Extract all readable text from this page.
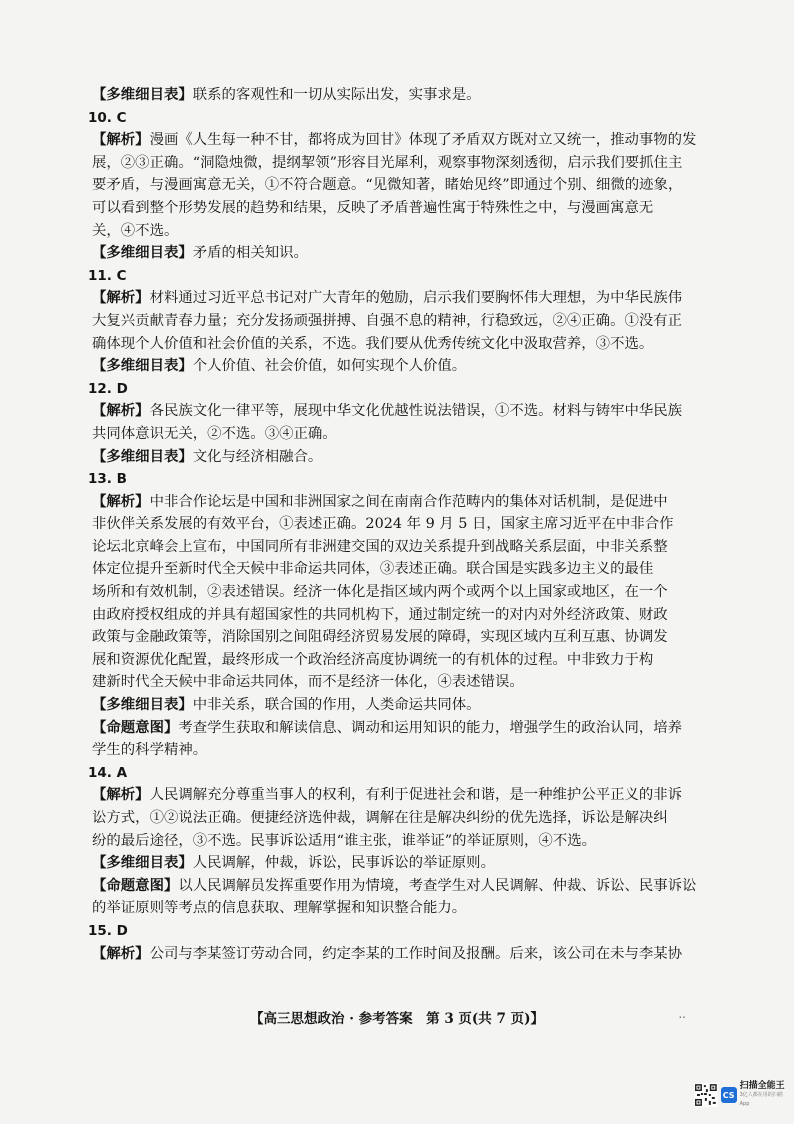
【多维细目表】联系的客观性和一切从实际出发，实事求是。
10. C
【解析】漫画《人生每一种不甘，都将成为回甘》体现了矛盾双方既对立又统一，推动事物的发
展，②③正确。“洞隐烛微，提纲挈领”形容目光犀利，观察事物深刻透彻，启示我们要抓住主
要矛盾，与漫画寓意无关，①不符合题意。“见微知著，睹始见终”即通过个别、细微的迹象，
可以看到整个形势发展的趋势和结果，反映了矛盾普遍性寓于特殊性之中，与漫画寓意无
关，④不选。
【多维细目表】矛盾的相关知识。
11. C
【解析】材料通过习近平总书记对广大青年的勉励，启示我们要胸怀伟大理想，为中华民族伟
大复兴贡献青春力量；充分发扬顽强拼搏、自强不息的精神，行稳致远，②④正确。①没有正
确体现个人价值和社会价值的关系，不选。我们要从优秀传统文化中汲取营养，③不选。
【多维细目表】个人价值、社会价值，如何实现个人价值。
12. D
【解析】各民族文化一律平等，展现中华文化优越性说法错误，①不选。材料与铸牢中华民族
共同体意识无关，②不选。③④正确。
【多维细目表】文化与经济相融合。
13. B
【解析】中非合作论坛是中国和非洲国家之间在南南合作范畴内的集体对话机制，是促进中
非伙伴关系发展的有效平台，①表述正确。2024 年 9 月 5 日，国家主席习近平在中非合作
论坛北京峰会上宣布，中国同所有非洲建交国的双边关系提升到战略关系层面，中非关系整
体定位提升至新时代全天候中非命运共同体，③表述正确。联合国是实践多边主义的最佳
场所和有效机制，②表述错误。经济一体化是指区域内两个或两个以上国家或地区，在一个
由政府授权组成的并具有超国家性的共同机构下，通过制定统一的对内对外经济政策、财政
政策与金融政策等，消除国别之间阻碍经济贸易发展的障碍，实现区域内互利互惠、协调发
展和资源优化配置，最终形成一个政治经济高度协调统一的有机体的过程。中非致力于构
建新时代全天候中非命运共同体，而不是经济一体化，④表述错误。
【多维细目表】中非关系，联合国的作用，人类命运共同体。
【命题意图】考查学生获取和解读信息、调动和运用知识的能力，增强学生的政治认同，培养
学生的科学精神。
14. A
【解析】人民调解充分尊重当事人的权利，有利于促进社会和谐，是一种维护公平正义的非诉
讼方式，①②说法正确。便捷经济选仲裁，调解在往是解决纠纷的优先选择，诉讼是解决纠
纷的最后途径，③不选。民事诉讼适用“谁主张，谁举证”的举证原则，④不选。
【多维细目表】人民调解，仲裁，诉讼，民事诉讼的举证原则。
【命题意图】以人民调解员发挥重要作用为情境，考查学生对人民调解、仲裁、诉讼、民事诉讼
的举证原则等考点的信息获取、理解掌握和知识整合能力。
15. D
【解析】公司与李某签订劳动合同，约定李某的工作时间及报酬。后来，该公司在未与李某协
【高三思想政治 · 参考答案　第 3 页(共 7 页)】	..
CS
扫描全能王
3亿人都在用的扫描App
